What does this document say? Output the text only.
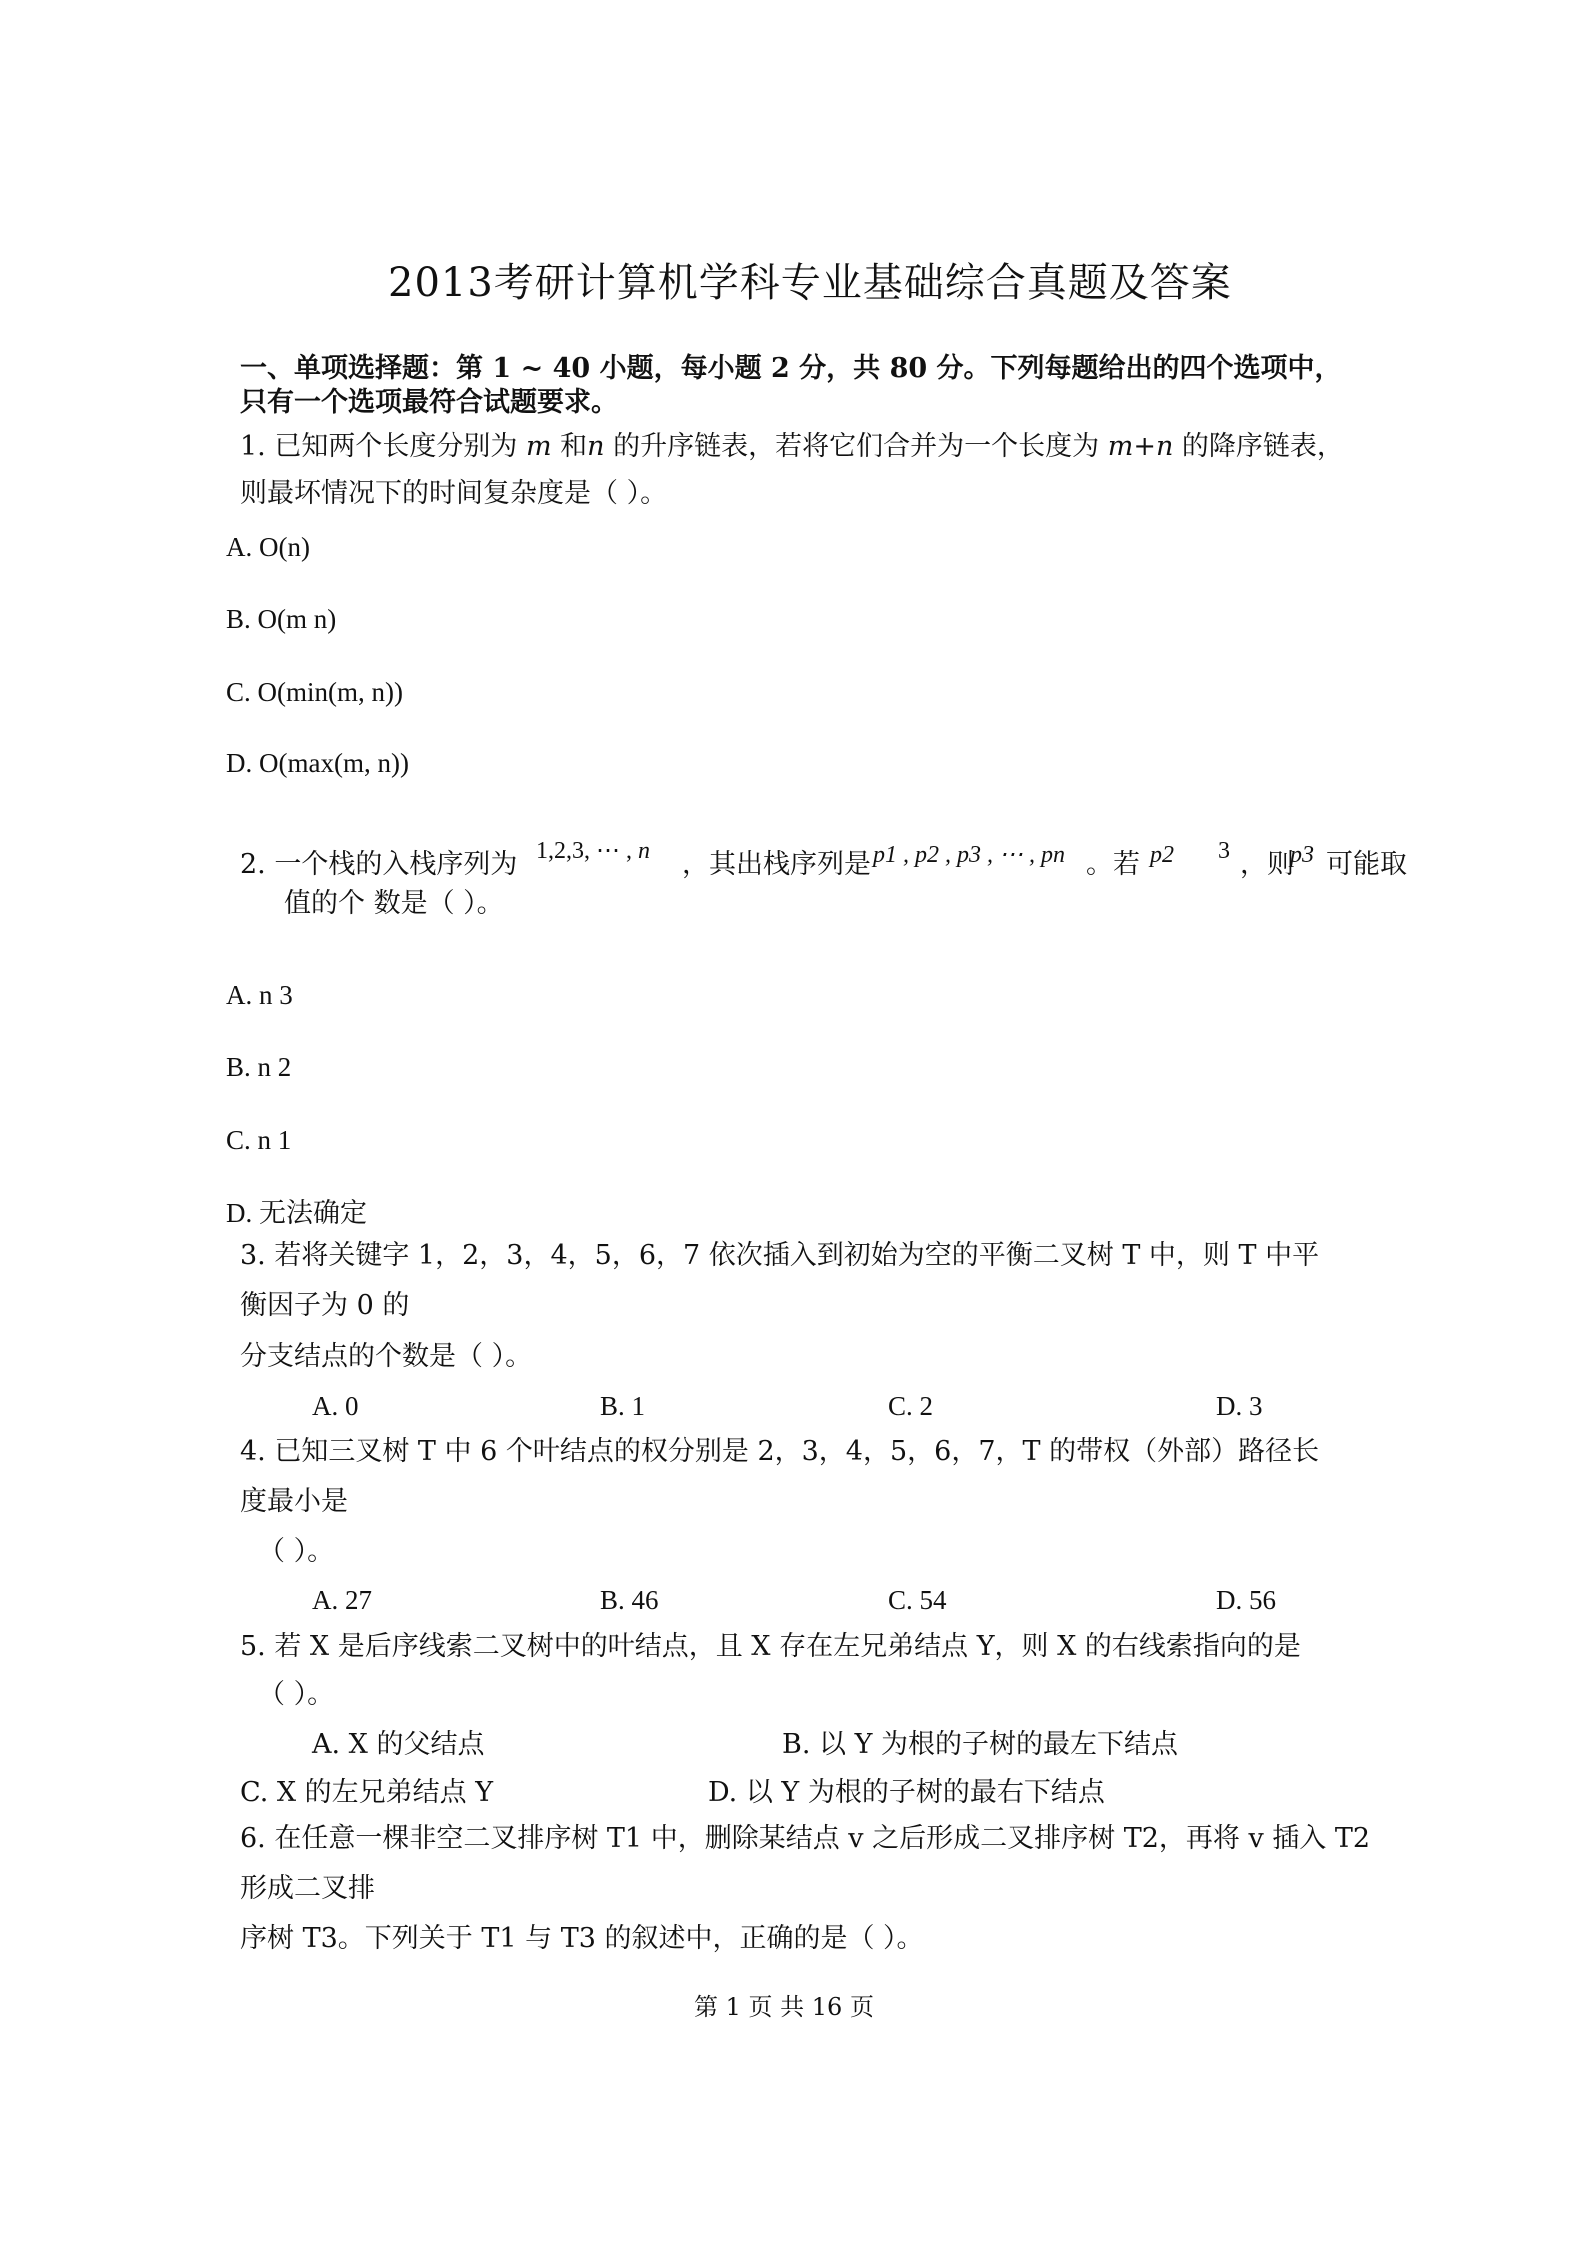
2013考研计算机学科专业基础综合真题及答案
一、单项选择题：第 1 ~ 40 小题，每小题 2 分，共 80 分。下列每题给出的四个选项中，
只有一个选项最符合试题要求。
1. 已知两个长度分别为 m 和n 的升序链表，若将它们合并为一个长度为 m+n 的降序链表，
则最坏情况下的时间复杂度是（ ）。
A. O(n)
B. O(m n)
C. O(min(m, n))
D. O(max(m, n))
2. 一个栈的入栈序列为 1,2,3, ⋯ , n ，其出栈序列是 p1 , p2 , p3 , ⋯ , pn 。若 p2 3 ，则
p3 可能取
值的个 数是（ ）。
A. n 3
B. n 2
C. n 1
D. 无法确定
3. 若将关键字 1，2，3，4，5，6，7 依次插入到初始为空的平衡二叉树 T 中，则 T 中平
衡因子为 0 的
分支结点的个数是（ ）。
A. 0	B. 1	C. 2	D. 3
4. 已知三叉树 T 中 6 个叶结点的权分别是 2，3，4，5，6，7，T 的带权（外部）路径长
度最小是
（ ）。
A. 27	B. 46	C. 54	D. 56
5. 若 X 是后序线索二叉树中的叶结点，且 X 存在左兄弟结点 Y，则 X 的右线索指向的是
（ ）。
A. X 的父结点	B. 以 Y 为根的子树的最左下结点
C. X 的左兄弟结点 Y	D. 以 Y 为根的子树的最右下结点
6. 在任意一棵非空二叉排序树 T1 中，删除某结点 v 之后形成二叉排序树 T2，再将 v 插入 T2
形成二叉排
序树 T3。下列关于 T1 与 T3 的叙述中，正确的是（ ）。
第 1 页 共 16 页
